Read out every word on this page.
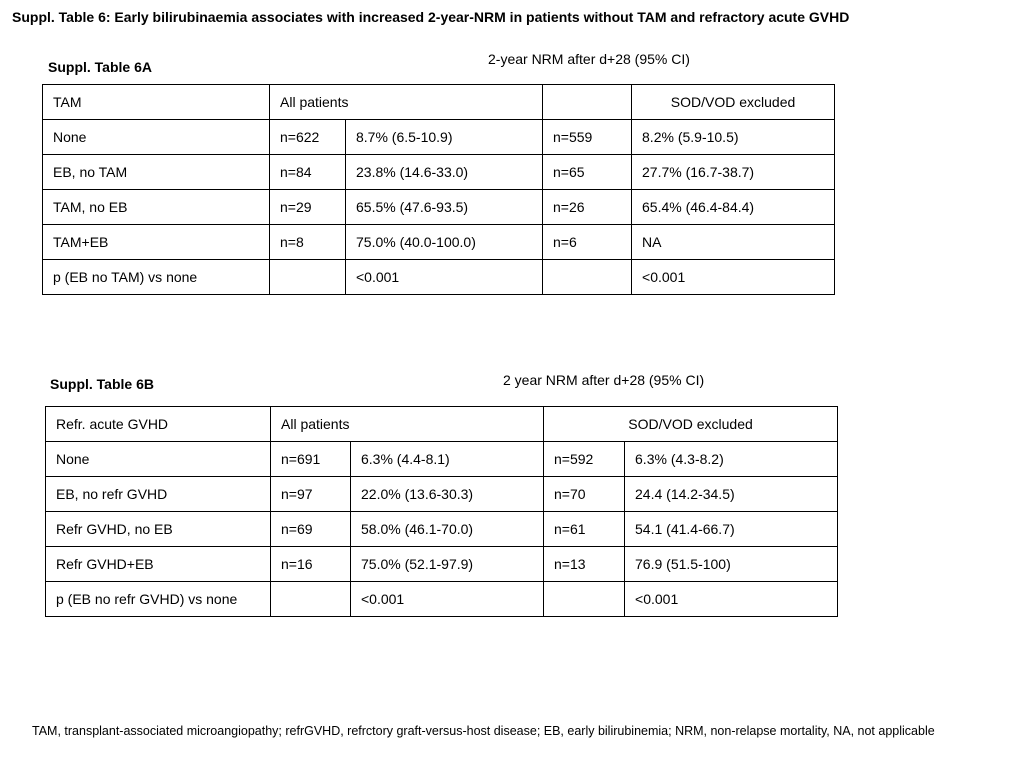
Suppl. Table 6: Early bilirubinaemia associates with increased 2-year-NRM in patients without TAM and refractory acute GVHD
Suppl. Table 6A	2-year NRM after d+28 (95% CI)
TAM	All patients			SOD/VOD excluded
None	n=622	8.7% (6.5-10.9)	n=559	8.2% (5.9-10.5)
EB, no TAM	n=84	23.8% (14.6-33.0)	n=65	27.7% (16.7-38.7)
TAM, no EB	n=29	65.5% (47.6-93.5)	n=26	65.4% (46.4-84.4)
TAM+EB	n=8	75.0% (40.0-100.0)	n=6	NA
p (EB no TAM) vs none		<0.001		<0.001
Suppl. Table 6B	2 year NRM after d+28 (95% CI)
Refr. acute GVHD	All patients		SOD/VOD excluded	
None	n=691	6.3% (4.4-8.1)	n=592	6.3% (4.3-8.2)
EB, no refr GVHD	n=97	22.0% (13.6-30.3)	n=70	24.4 (14.2-34.5)
Refr GVHD, no EB	n=69	58.0% (46.1-70.0)	n=61	54.1 (41.4-66.7)
Refr GVHD+EB	n=16	75.0% (52.1-97.9)	n=13	76.9 (51.5-100)
p (EB no refr GVHD) vs none		<0.001		<0.001
TAM, transplant-associated microangiopathy; refrGVHD, refrctory graft-versus-host disease; EB, early bilirubinemia; NRM, non-relapse mortality, NA, not applicable
